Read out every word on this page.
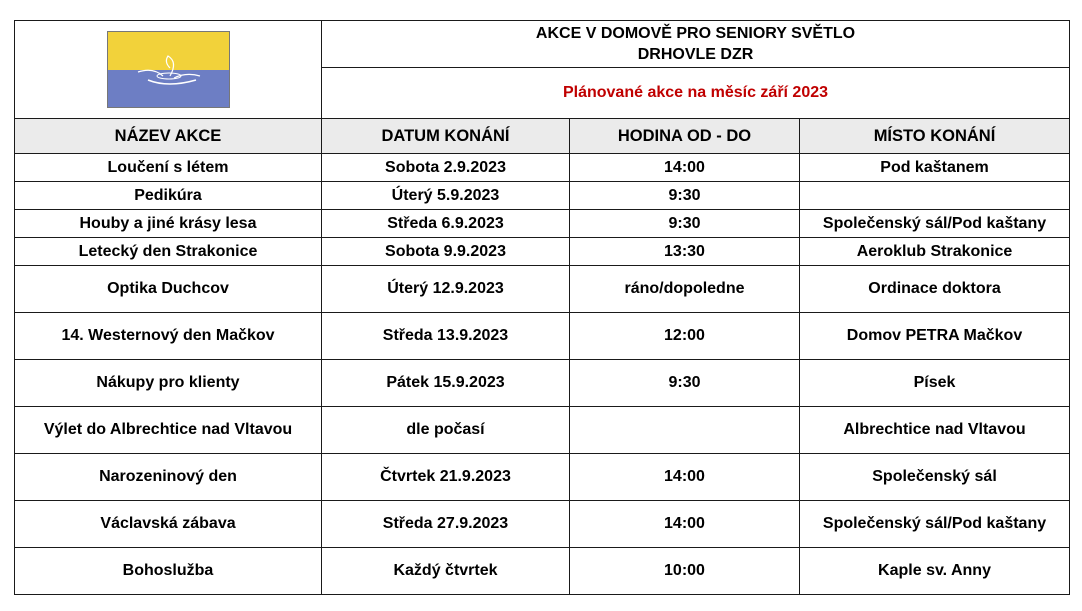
	AKCE V DOMOVĚ PRO SENIORY SVĚTLO
DRHOVLE DZR		
	Plánované akce na měsíc září 2023		
NÁZEV AKCE	DATUM KONÁNÍ	HODINA OD - DO	MÍSTO KONÁNÍ
Loučení s létem	Sobota 2.9.2023	14:00	Pod kaštanem
Pedikúra	Úterý 5.9.2023	9:30	
Houby a jiné krásy lesa	Středa 6.9.2023	9:30	Společenský sál/Pod kaštany
Letecký den Strakonice	Sobota 9.9.2023	13:30	Aeroklub Strakonice
Optika Duchcov	Úterý 12.9.2023	ráno/dopoledne	Ordinace doktora
14. Westernový den Mačkov	Středa 13.9.2023	12:00	Domov PETRA Mačkov
Nákupy pro klienty	Pátek 15.9.2023	9:30	Písek
Výlet do Albrechtice nad Vltavou	dle počasí		Albrechtice nad Vltavou
Narozeninový den	Čtvrtek 21.9.2023	14:00	Společenský sál
Václavská zábava	Středa 27.9.2023	14:00	Společenský sál/Pod kaštany
Bohoslužba	Každý čtvrtek	10:00	Kaple sv. Anny
